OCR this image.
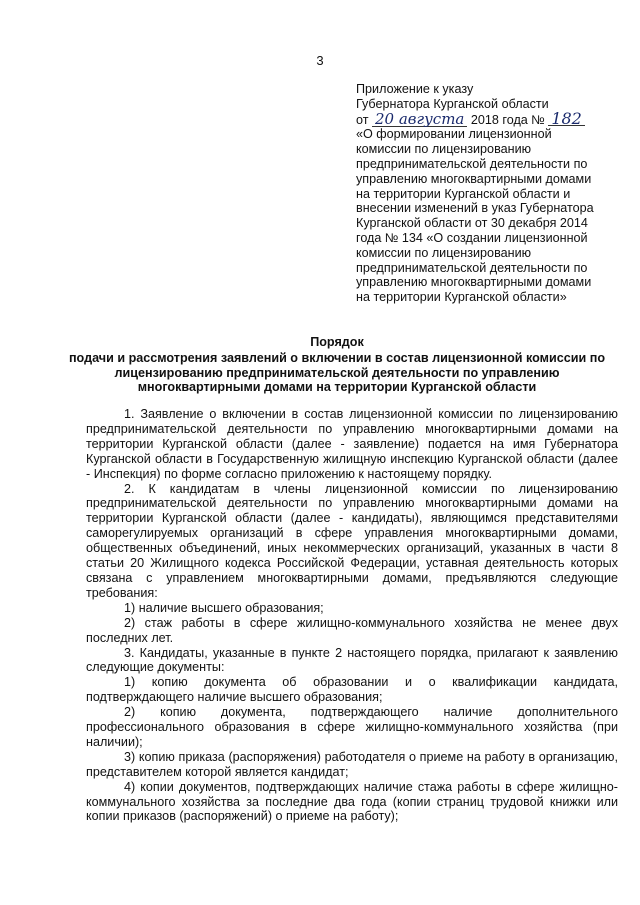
3
Приложение к указу
Губернатора Курганской области
от 20 августа 2018 года № 182
«О формировании лицензионной
комиссии по лицензированию
предпринимательской деятельности по
управлению многоквартирными домами
на территории Курганской области и
внесении изменений в указ Губернатора
Курганской области от 30 декабря 2014
года № 134 «О создании лицензионной
комиссии по лицензированию
предпринимательской деятельности по
управлению многоквартирными домами
на территории Курганской области»
Порядок
подачи и рассмотрения заявлений о включении в состав лицензионной комиссии по лицензированию предпринимательской деятельности по управлению многоквартирными домами на территории Курганской области

1. Заявление о включении в состав лицензионной комиссии по лицензированию предпринимательской деятельности по управлению многоквартирными домами на территории Курганской области (далее - заявление) подается на имя Губернатора Курганской области в Государственную жилищную инспекцию Курганской области (далее - Инспекция) по форме согласно приложению к настоящему порядку.

2. К кандидатам в члены лицензионной комиссии по лицензированию предпринимательской деятельности по управлению многоквартирными домами на территории Курганской области (далее - кандидаты), являющимся представителями саморегулируемых организаций в сфере управления многоквартирными домами, общественных объединений, иных некоммерческих организаций, указанных в части 8 статьи 20 Жилищного кодекса Российской Федерации, уставная деятельность которых связана с управлением многоквартирными домами, предъявляются следующие требования:

1) наличие высшего образования;

2) стаж работы в сфере жилищно-коммунального хозяйства не менее двух последних лет.

3. Кандидаты, указанные в пункте 2 настоящего порядка, прилагают к заявлению следующие документы:

1) копию документа об образовании и о квалификации кандидата, подтверждающего наличие высшего образования;

2) копию документа, подтверждающего наличие дополнительного профессионального образования в сфере жилищно-коммунального хозяйства (при наличии);

3) копию приказа (распоряжения) работодателя о приеме на работу в организацию, представителем которой является кандидат;

4) копии документов, подтверждающих наличие стажа работы в сфере жилищно-коммунального хозяйства за последние два года (копии страниц трудовой книжки или копии приказов (распоряжений) о приеме на работу);
